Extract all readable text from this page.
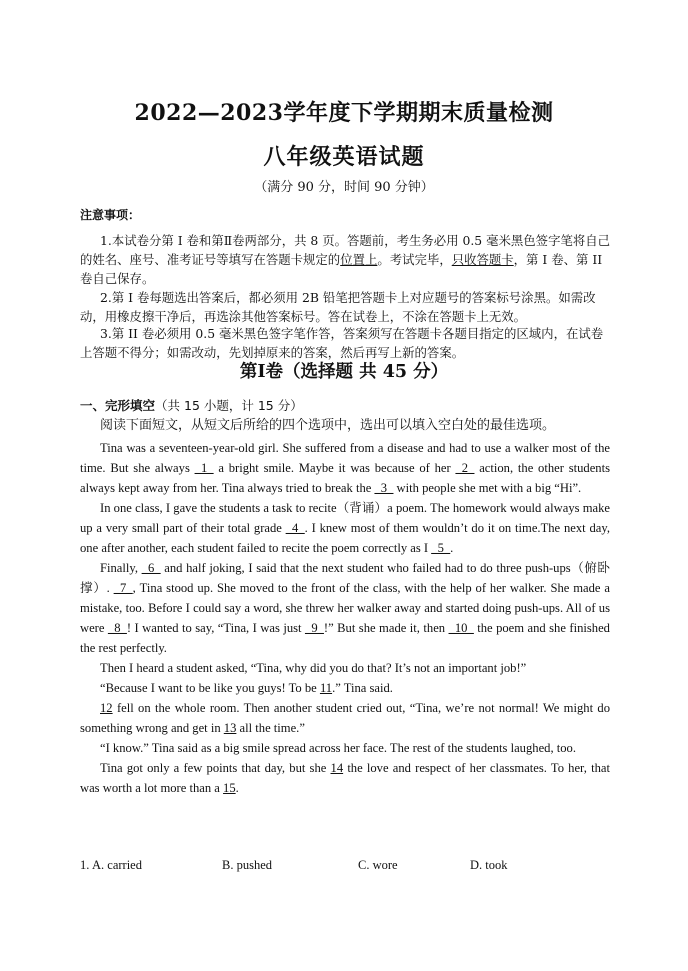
2022—2023学年度下学期期末质量检测
八年级英语试题
（满分 90 分，时间 90 分钟）
注意事项：
1.本试卷分第 I 卷和第Ⅱ卷两部分，共 8 页。答题前，考生务必用 0.5 毫米黑色签字笔将自己的姓名、座号、准考证号等填写在答题卡规定的位置上。考试完毕，只收答题卡，第 I 卷、第 II 卷自己保存。
2.第 I 卷每题选出答案后，都必须用 2B 铅笔把答题卡上对应题号的答案标号涂黑。如需改动，用橡皮擦干净后，再选涂其他答案标号。答在试卷上，不涂在答题卡上无效。
3.第 II 卷必须用 0.5 毫米黑色签字笔作答，答案须写在答题卡各题目指定的区域内，在试卷上答题不得分；如需改动，先划掉原来的答案，然后再写上新的答案。
第Ⅰ卷（选择题 共 45 分）
一、完形填空（共 15 小题，计 15 分）
阅读下面短文，从短文后所给的四个选项中，选出可以填入空白处的最佳选项。

Tina was a seventeen-year-old girl. She suffered from a disease and had to use a walker most of the time. But she always _1_ a bright smile. Maybe it was because of her _2_ action, the other students always kept away from her. Tina always tried to break the _3_ with people she met with a big “Hi”.

In one class, I gave the students a task to recite（背诵）a poem. The homework would always make up a very small part of their total grade _4_. I knew most of them wouldn’t do it on time.The next day, one after another, each student failed to recite the poem correctly as I _5_.

Finally, _6_ and half joking, I said that the next student who failed had to do three push-ups（俯卧撑）. _7_, Tina stood up. She moved to the front of the class, with the help of her walker. She made a mistake, too. Before I could say a word, she threw her walker away and started doing push-ups. All of us were _8_! I wanted to say, “Tina, I was just _9_!” But she made it, then _10_ the poem and she finished the rest perfectly.

Then I heard a student asked, “Tina, why did you do that? It’s not an important job!”

“Because I want to be like you guys! To be 11.” Tina said.

12 fell on the whole room. Then another student cried out, “Tina, we’re not normal! We might do something wrong and get in 13 all the time.”

“I know.” Tina said as a big smile spread across her face. The rest of the students laughed, too.

Tina got only a few points that day, but she 14 the love and respect of her classmates. To her, that was worth a lot more than a 15.

1. A. carried	B. pushed	C. wore	D. took
